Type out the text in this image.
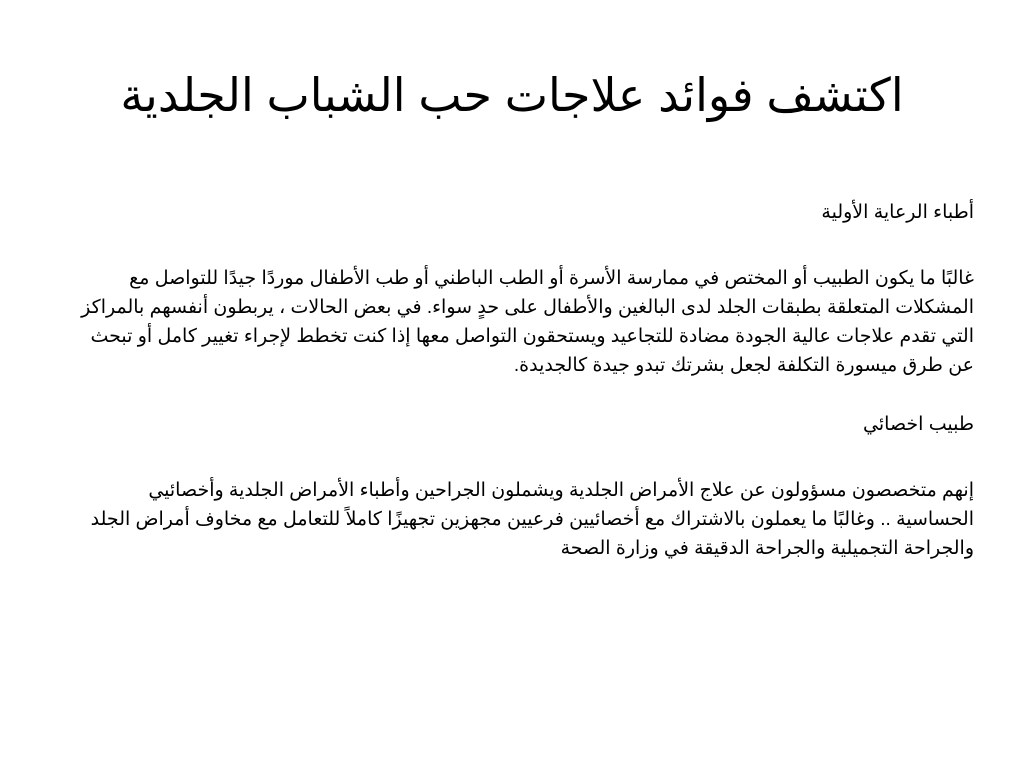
اكتشف فوائد علاجات حب الشباب الجلدية

أطباء الرعاية الأولية

غالبًا ما يكون الطبيب أو المختص في ممارسة الأسرة أو الطب الباطني أو طب الأطفال موردًا جيدًا للتواصل مع المشكلات المتعلقة بطبقات الجلد لدى البالغين والأطفال على حدٍ سواء. في بعض الحالات ، يربطون أنفسهم بالمراكز التي تقدم علاجات عالية الجودة مضادة للتجاعيد ويستحقون التواصل معها إذا كنت تخطط لإجراء تغيير كامل أو تبحث عن طرق ميسورة التكلفة لجعل بشرتك تبدو جيدة كالجديدة.

طبيب اخصائي

إنهم متخصصون مسؤولون عن علاج الأمراض الجلدية ويشملون الجراحين وأطباء الأمراض الجلدية وأخصائيي الحساسية .. وغالبًا ما يعملون بالاشتراك مع أخصائيين فرعيين مجهزين تجهيزًا كاملاً للتعامل مع مخاوف أمراض الجلد والجراحة التجميلية والجراحة الدقيقة في وزارة الصحة
